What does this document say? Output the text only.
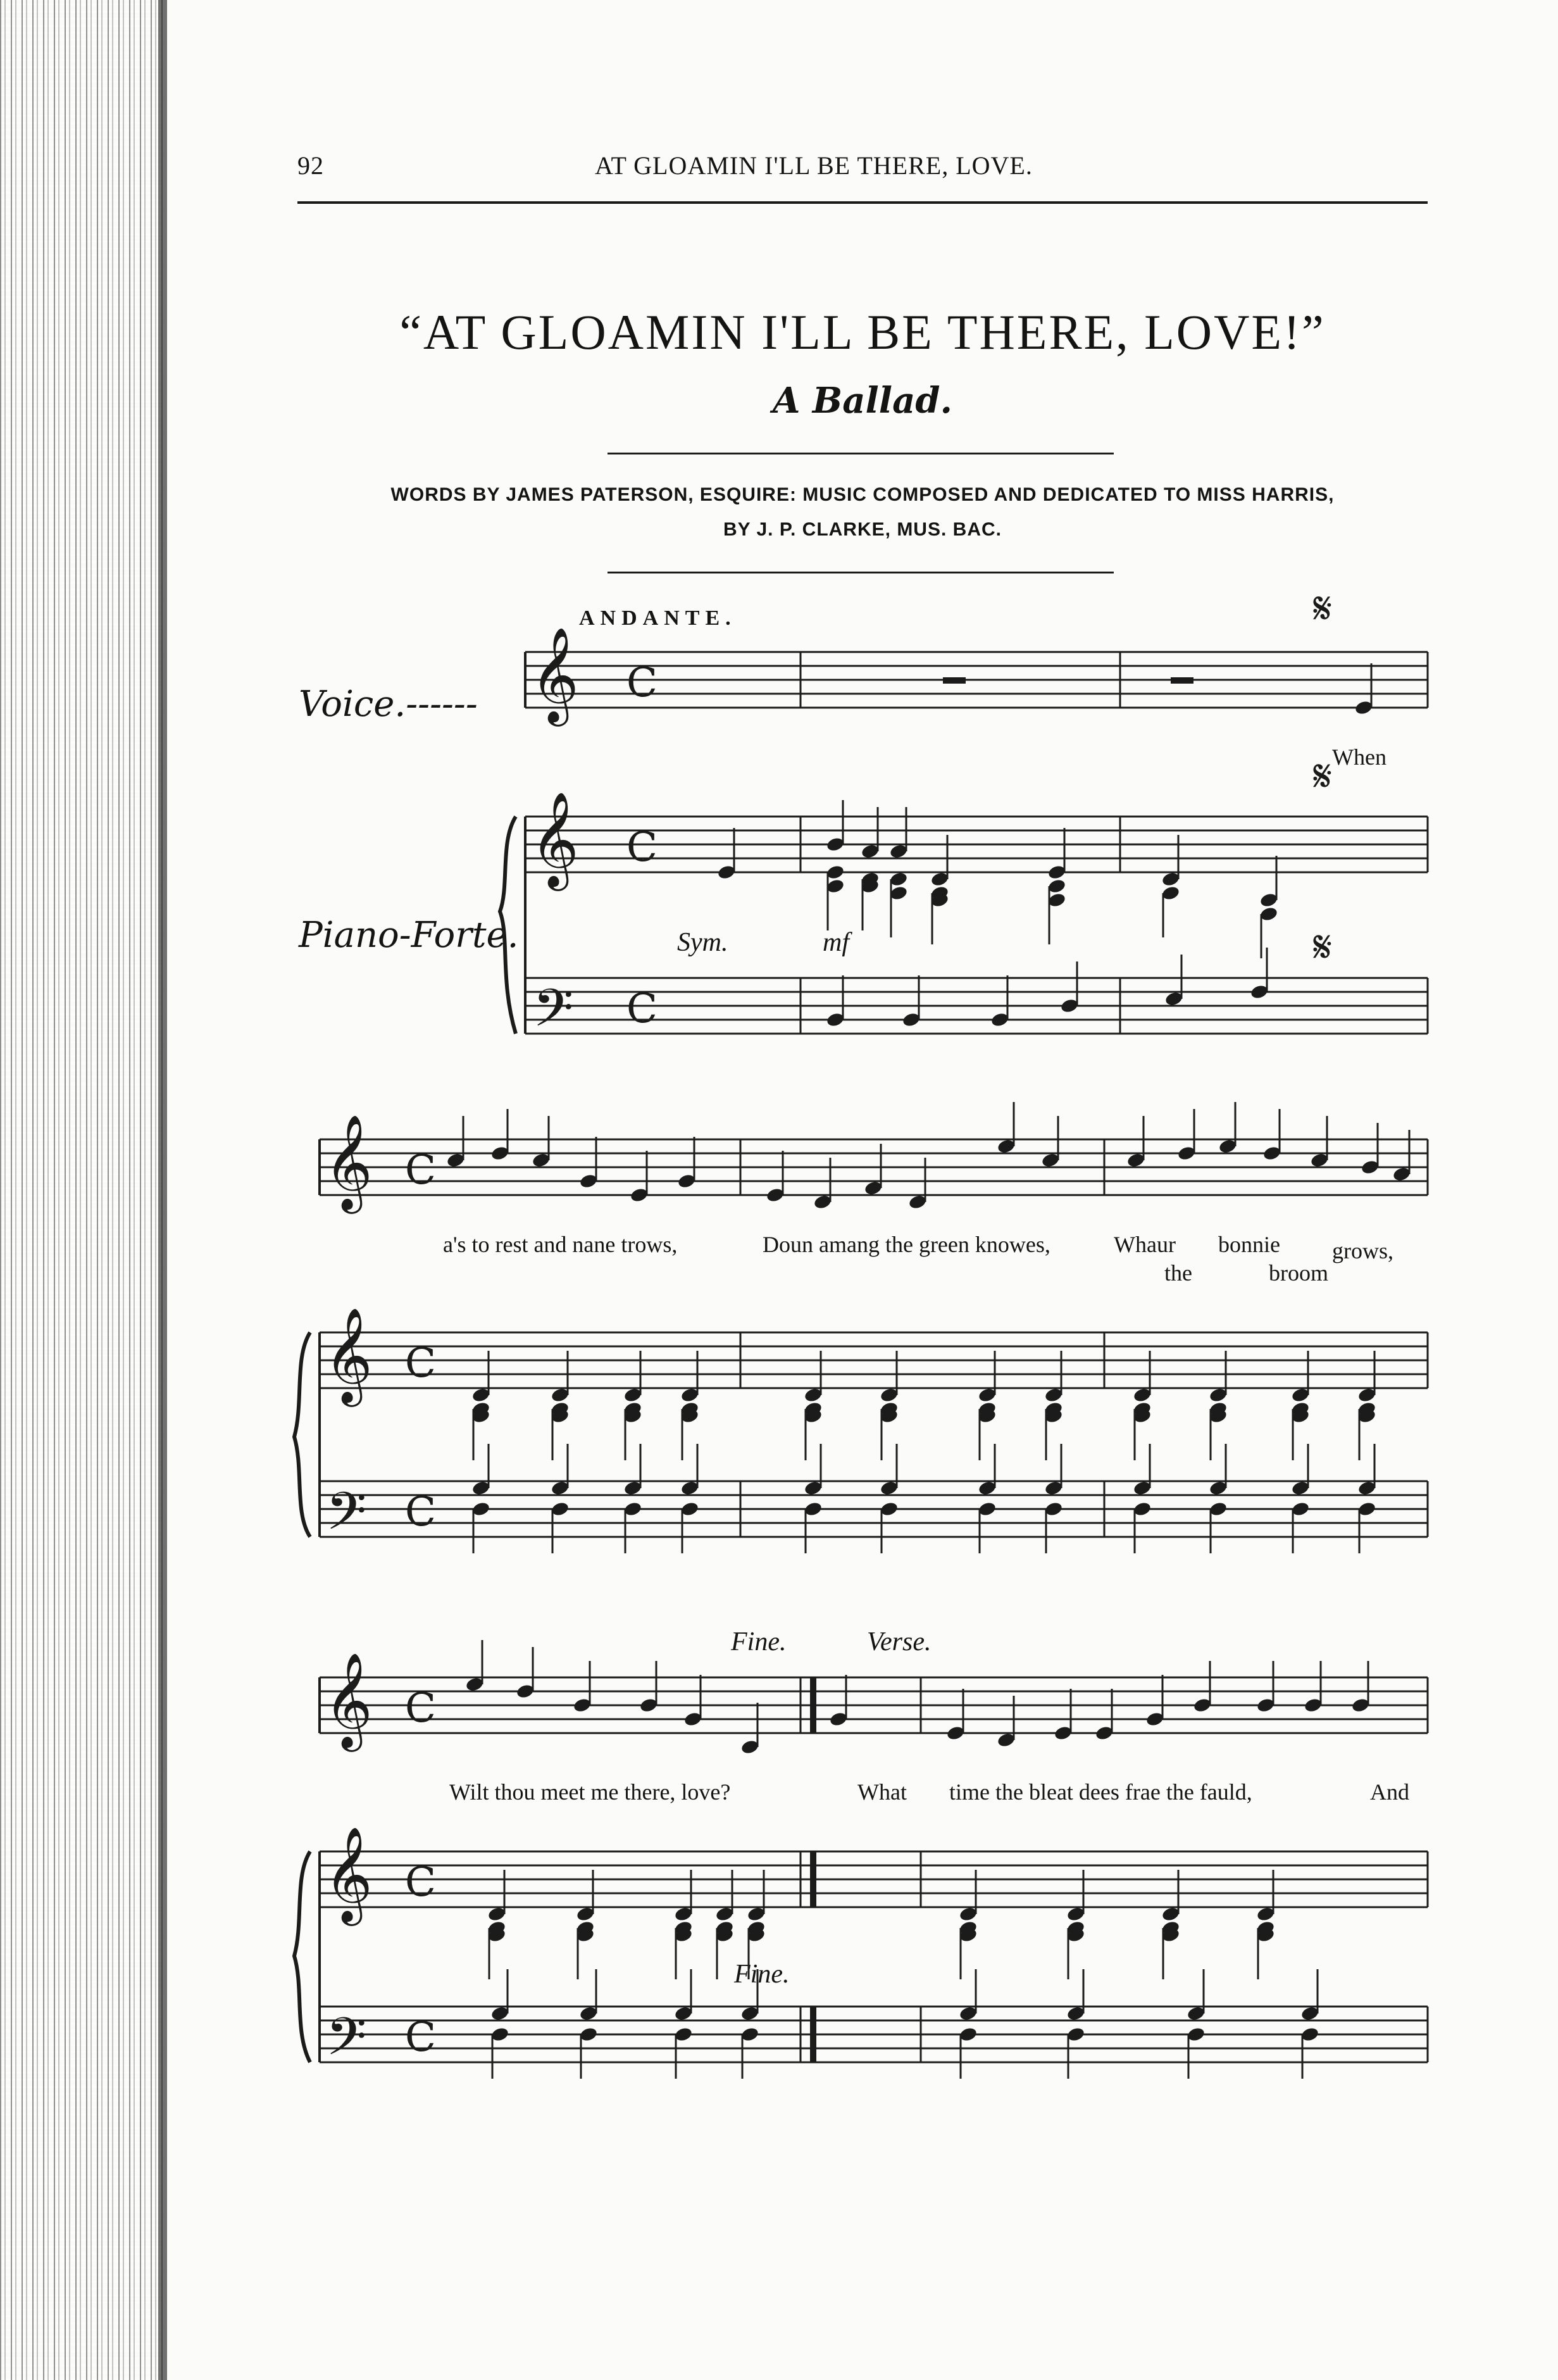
92	AT GLOAMIN I'LL BE THERE, LOVE.
“AT GLOAMIN I'LL BE THERE, LOVE!”
A Ballad.
WORDS BY JAMES PATERSON, ESQUIRE: MUSIC COMPOSED AND DEDICATED TO MISS HARRIS,
BY J. P. CLARKE, MUS. BAC.
ANDANTE.
Voice.------
Piano-Forte.	Sym.	mf
When
a's to rest and nane trows,	Doun amang the green knowes,	Whaur bonnie grows,
the	broom
Fine.	Verse.
Fine.
Wilt thou meet me there, love?	What time the bleat dees frae the fauld,	And
𝄞
𝄞
𝄢
C
C
C
𝄋
𝄋
𝄋
𝄞
𝄞
𝄢
C
C
C
𝄞
𝄞
𝄢
C
C
C
